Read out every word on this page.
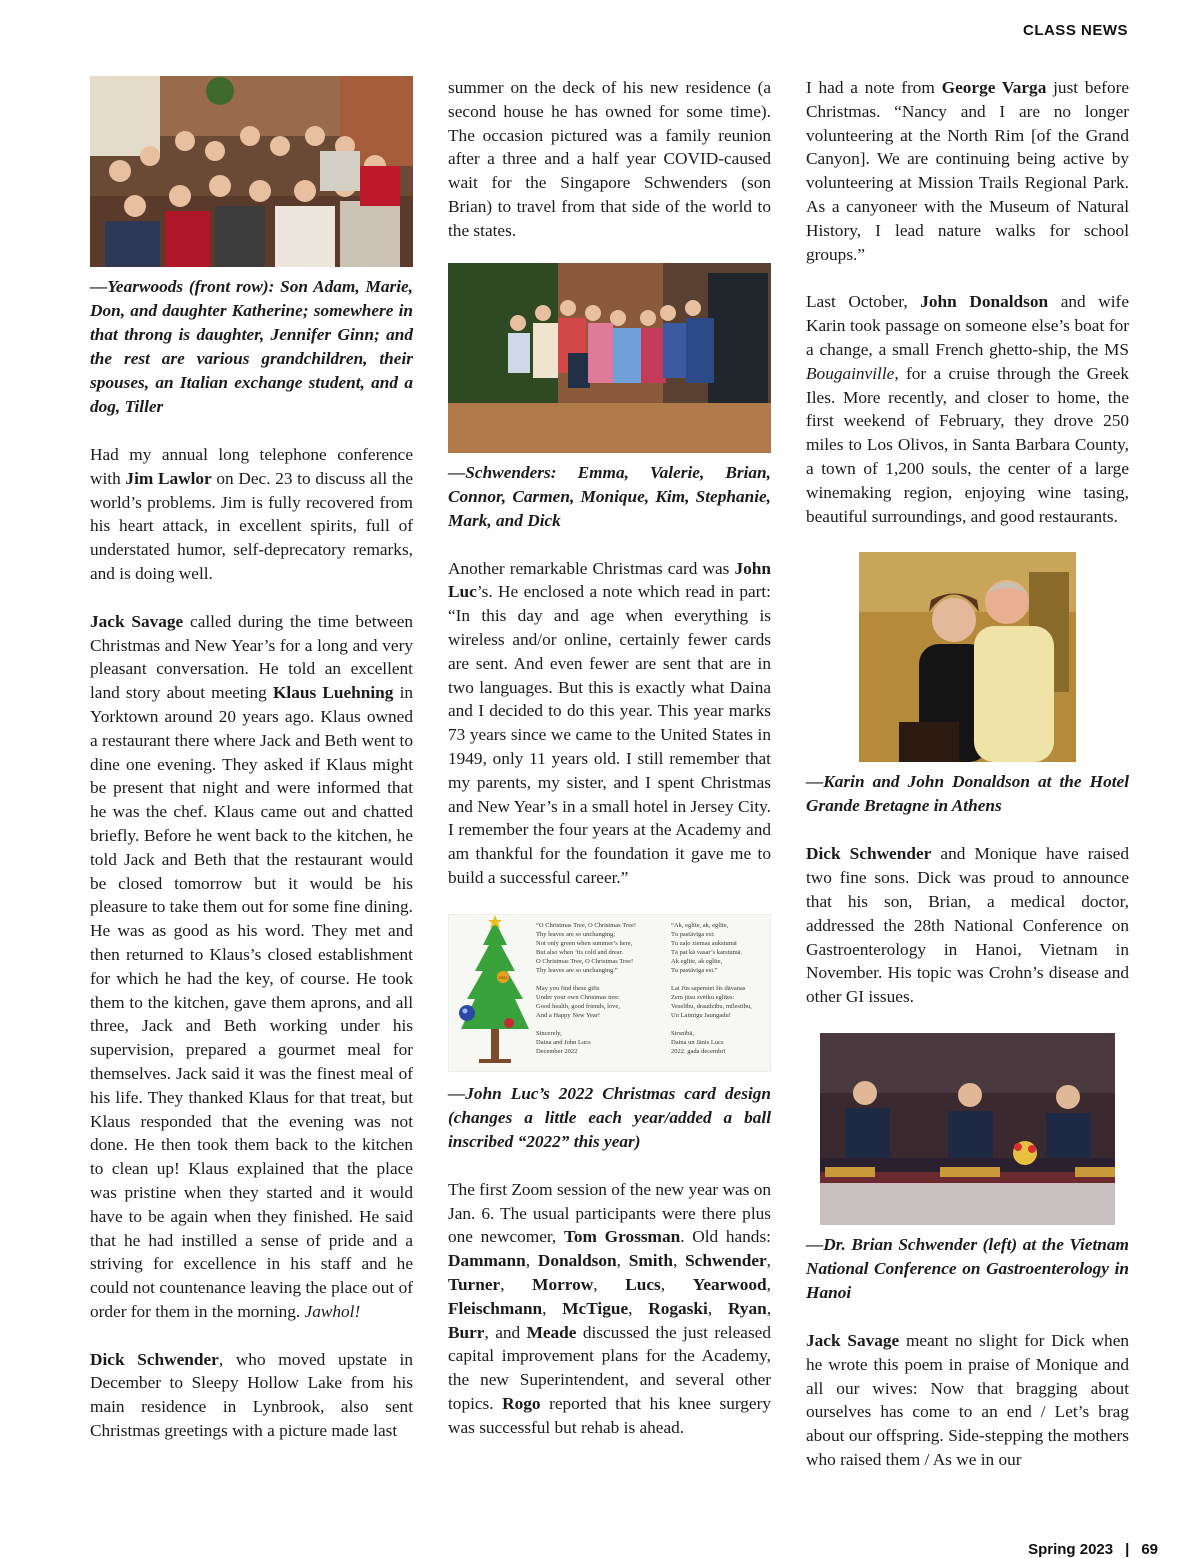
CLASS NEWS
—Yearwoods (front row): Son Adam, Marie, Don, and daughter Katherine; somewhere in that throng is daughter, Jennifer Ginn; and the rest are various grandchildren, their spouses, an Italian exchange student, and a dog, Tiller

Had my annual long telephone conference with Jim Lawlor on Dec. 23 to discuss all the world’s problems. Jim is fully recovered from his heart attack, in excellent spirits, full of understated humor, self-deprecatory remarks, and is doing well.

Jack Savage called during the time between Christmas and New Year’s for a long and very pleasant conversation. He told an excellent land story about meeting Klaus Luehning in Yorktown around 20 years ago. Klaus owned a restaurant there where Jack and Beth went to dine one evening. They asked if Klaus might be present that night and were informed that he was the chef. Klaus came out and chatted briefly. Before he went back to the kitchen, he told Jack and Beth that the restaurant would be closed tomorrow but it would be his pleasure to take them out for some fine dining. He was as good as his word. They met and then returned to Klaus’s closed establishment for which he had the key, of course. He took them to the kitchen, gave them aprons, and all three, Jack and Beth working under his supervision, prepared a gourmet meal for themselves. Jack said it was the finest meal of his life. They thanked Klaus for that treat, but Klaus responded that the evening was not done. He then took them back to the kitchen to clean up! Klaus explained that the place was pristine when they started and it would have to be again when they finished. He said that he had instilled a sense of pride and a striving for excellence in his staff and he could not countenance leaving the place out of order for them in the morning. Jawhol!

Dick Schwender, who moved upstate in December to Sleepy Hollow Lake from his main residence in Lynbrook, also sent Christmas greetings with a picture made last

summer on the deck of his new residence (a second house he has owned for some time). The occasion pictured was a family reunion after a three and a half year COVID-caused wait for the Singapore Schwenders (son Brian) to travel from that side of the world to the states.

—Schwenders: Emma, Valerie, Brian, Connor, Carmen, Monique, Kim, Stephanie, Mark, and Dick

Another remarkable Christmas card was John Luc’s. He enclosed a note which read in part: “In this day and age when everything is wireless and/or online, certainly fewer cards are sent. And even fewer are sent that are in two languages. But this is exactly what Daina and I decided to do this year. This year marks 73 years since we came to the United States in 1949, only 11 years old. I still remember that my parents, my sister, and I spent Christmas and New Year’s in a small hotel in Jersey City. I remember the four years at the Academy and am thankful for the foundation it gave me to build a successful career.”

2022
“O Christmas Tree, O Christmas Tree!
Thy leaves are so unchanging;
Not only green when summer’s here,
But also when ’tis cold and drear.
O Christmas Tree, O Christmas Tree!
Thy leaves are so unchanging.”

May you find these gifts
Under your own Christmas tree:
Good health, good friends, love,
And a Happy New Year!

Sincerely,
Daina and John Lucs
December 2022
“Ak, eglīte, ak, eglīte,
Tu pastāvīga esi:
Tu zaļo ziemas aukstumā
Tā pat kā vasar’s karstumā.
Ak eglīte, ak eglīte,
Tu pastāvīga esi.”

Lai Jūs sapemiet šīs dāvanas
Zem jūsu svētku eglītes:
Veselību, draudzību, mīlestību,
Un Laimīgu Jaungadu!

Sirsnībā,
Daina un Jānis Lucs
2022. gada decembrī
—John Luc’s 2022 Christmas card design (changes a little each year/added a ball inscribed “2022” this year)

The first Zoom session of the new year was on Jan. 6. The usual participants were there plus one newcomer, Tom Grossman. Old hands: Dammann, Donaldson, Smith, Schwender, Turner, Morrow, Lucs, Yearwood, Fleischmann, McTigue, Rogaski, Ryan, Burr, and Meade discussed the just released capital improvement plans for the Academy, the new Superintendent, and several other topics. Rogo reported that his knee surgery was successful but rehab is ahead.

I had a note from George Varga just before Christmas. “Nancy and I are no longer volunteering at the North Rim [of the Grand Canyon]. We are continuing being active by volunteering at Mission Trails Regional Park. As a canyoneer with the Museum of Natural History, I lead nature walks for school groups.”

Last October, John Donaldson and wife Karin took passage on someone else’s boat for a change, a small French ghetto-ship, the MS Bougainville, for a cruise through the Greek Iles. More recently, and closer to home, the first weekend of February, they drove 250 miles to Los Olivos, in Santa Barbara County, a town of 1,200 souls, the center of a large winemaking region, enjoying wine tasing, beautiful surroundings, and good restaurants.

—Karin and John Donaldson at the Hotel Grande Bretagne in Athens

Dick Schwender and Monique have raised two fine sons. Dick was proud to announce that his son, Brian, a medical doctor, addressed the 28th National Conference on Gastroenterology in Hanoi, Vietnam in November. His topic was Crohn’s disease and other GI issues.

—Dr. Brian Schwender (left) at the Vietnam National Conference on Gastroenterology in Hanoi

Jack Savage meant no slight for Dick when he wrote this poem in praise of Monique and all our wives: Now that bragging about ourselves has come to an end / Let’s brag about our offspring. Side-stepping the mothers who raised them / As we in our

Spring 2023 | 69
